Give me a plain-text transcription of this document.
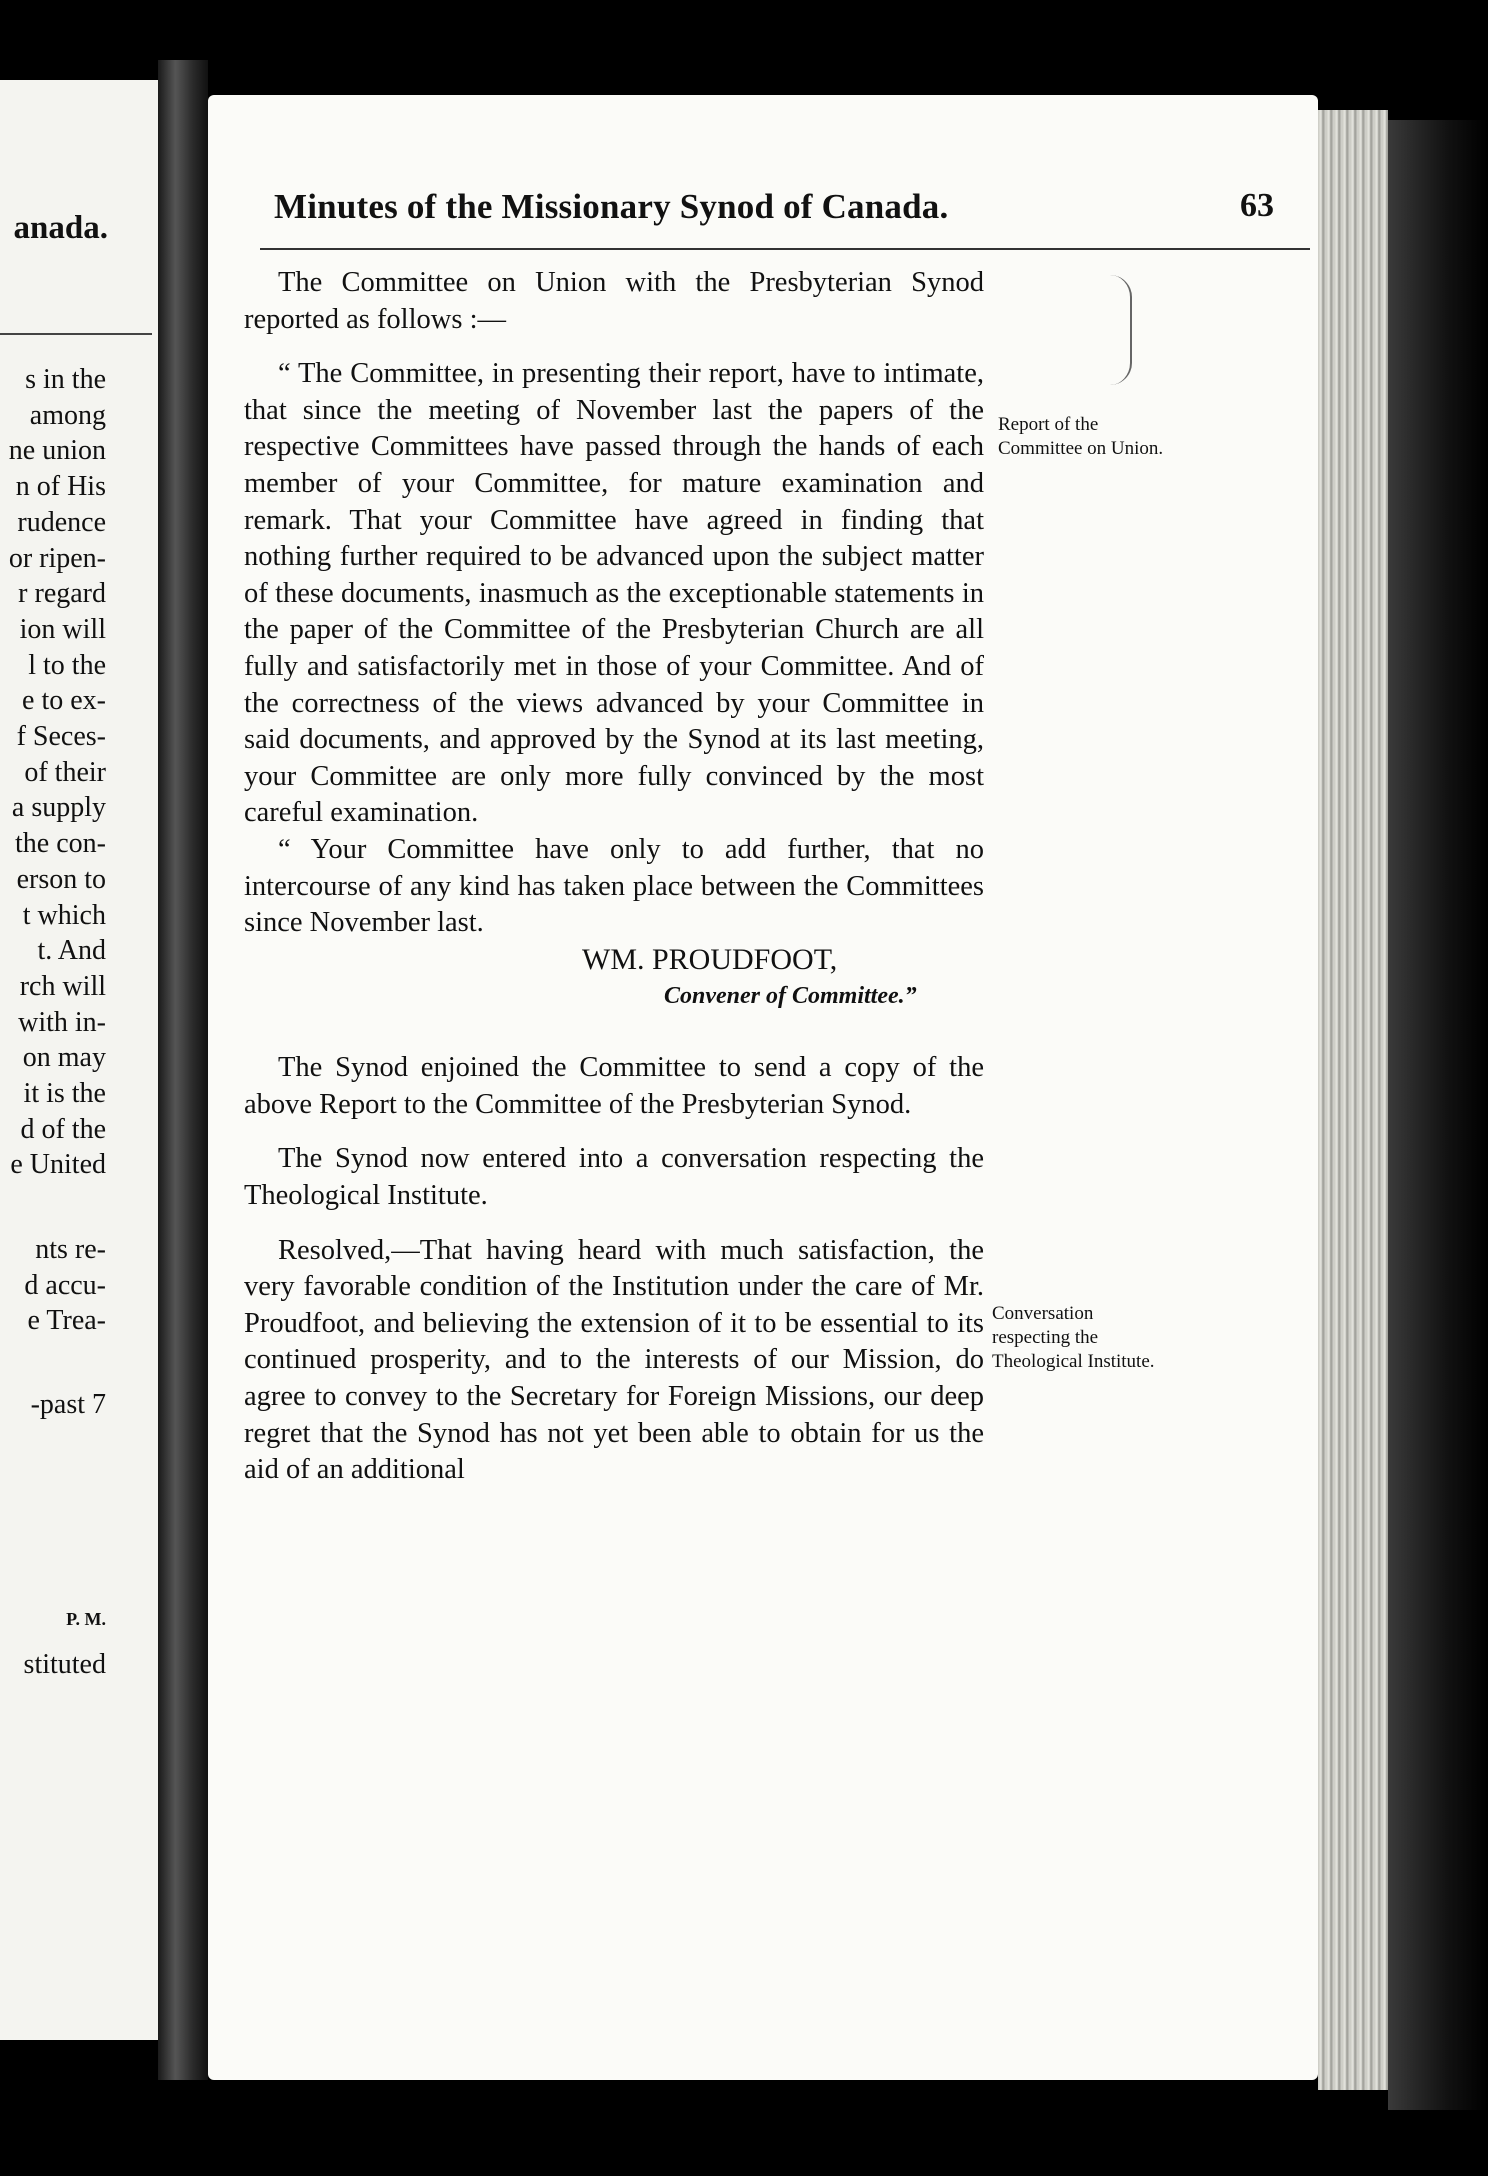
anada.
s in the
among
ne union
n of His
rudence
or ripen-
r regard
ion will
l to the
e to ex-
f Seces-
of their
a supply
the con-
erson to
t which
t. And
rch will
with in-
on may
it is the
d of the
e United
nts re-
d accu-
e Trea-
-past 7
P. M.
stituted
Minutes of the Missionary Synod of Canada.	63

The Committee on Union with the Presbyterian Synod reported as follows :—

“ The Committee, in presenting their report, have to intimate, that since the meeting of November last the papers of the respective Committees have passed through the hands of each member of your Committee, for mature examination and remark. That your Committee have agreed in finding that nothing further required to be advanced upon the subject matter of these documents, inasmuch as the exceptionable statements in the paper of the Committee of the Presbyterian Church are all fully and satisfactorily met in those of your Committee. And of the correctness of the views advanced by your Committee in said documents, and approved by the Synod at its last meeting, your Committee are only more fully convinced by the most careful examination.

“ Your Committee have only to add further, that no intercourse of any kind has taken place between the Committees since November last.

WM. PROUDFOOT,

Convener of Committee.”

The Synod enjoined the Committee to send a copy of the above Report to the Committee of the Presbyterian Synod.

The Synod now entered into a conversation respecting the Theological Institute.

Resolved,—That having heard with much satisfaction, the very favorable condition of the Institution under the care of Mr. Proudfoot, and believing the extension of it to be essential to its continued prosperity, and to the interests of our Mission, do agree to convey to the Secretary for Foreign Missions, our deep regret that the Synod has not yet been able to obtain for us the aid of an additional

Report of the Committee on Union.
Conversation respecting the Theological Institute.
